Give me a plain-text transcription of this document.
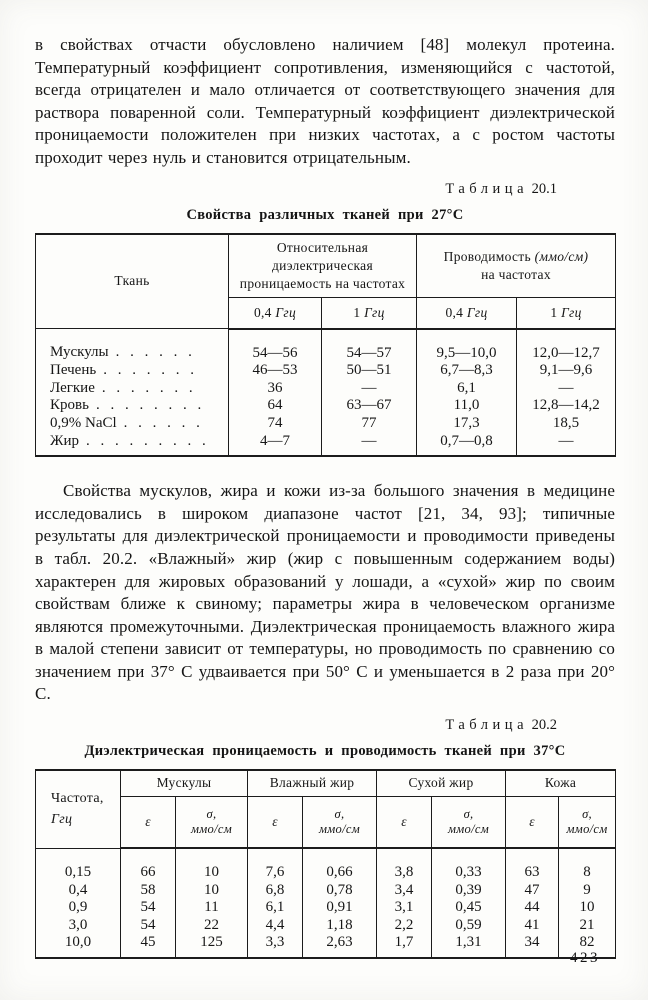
в свойствах отчасти обусловлено наличием [48] молекул протеина. Температурный коэффициент сопротивления, изменяющийся с частотой, всегда отрицателен и мало отличается от соответствующего значения для раствора поваренной соли. Температурный коэффициент диэлектрической проницаемости положителен при низких частотах, а с ростом частоты проходит через нуль и становится отрицательным.

Таблица 20.1
Свойства различных тканей при 27°С
Ткань	Относительная диэлектрическая проницаемость на частотах		Проводимость (ммо/см)
на частотах	
	0,4 Ггц	1 Ггц	0,4 Ггц	1 Ггц
Мускулы . . . . . .	54—56	54—57	9,5—10,0	12,0—12,7
Печень . . . . . . .	46—53	50—51	6,7—8,3	9,1—9,6
Легкие . . . . . . .	36	—	6,1	—
Кровь . . . . . . . .	64	63—67	11,0	12,8—14,2
0,9% NaCl . . . . . .	74	77	17,3	18,5
Жир . . . . . . . . .	4—7	—	0,7—0,8	—

Свойства мускулов, жира и кожи из-за большого значения в медицине исследовались в широком диапазоне частот [21, 34, 93]; типичные результаты для диэлектрической проницаемости и проводимости приведены в табл. 20.2. «Влажный» жир (жир с повышенным содержанием воды) характерен для жировых образований у лошади, а «сухой» жир по своим свойствам ближе к свиному; параметры жира в человеческом организме являются промежуточными. Диэлектрическая проницаемость влажного жира в малой степени зависит от температуры, но проводимость по сравнению со значением при 37° С удваивается при 50° С и уменьшается в 2 раза при 20° С.

Таблица 20.2
Диэлектрическая проницаемость и проводимость тканей при 37°С
Частота,
Ггц	Мускулы		Влажный жир		Сухой жир		Кожа	
	ε	σ,
ммо/см	ε	σ,
ммо/см	ε	σ,
ммо/см	ε	σ,
ммо/см
0,15	66	10	7,6	0,66	3,8	0,33	63	8
0,4	58	10	6,8	0,78	3,4	0,39	47	9
0,9	54	11	6,1	0,91	3,1	0,45	44	10
3,0	54	22	4,4	1,18	2,2	0,59	41	21
10,0	45	125	3,3	2,63	1,7	1,31	34	82
423
